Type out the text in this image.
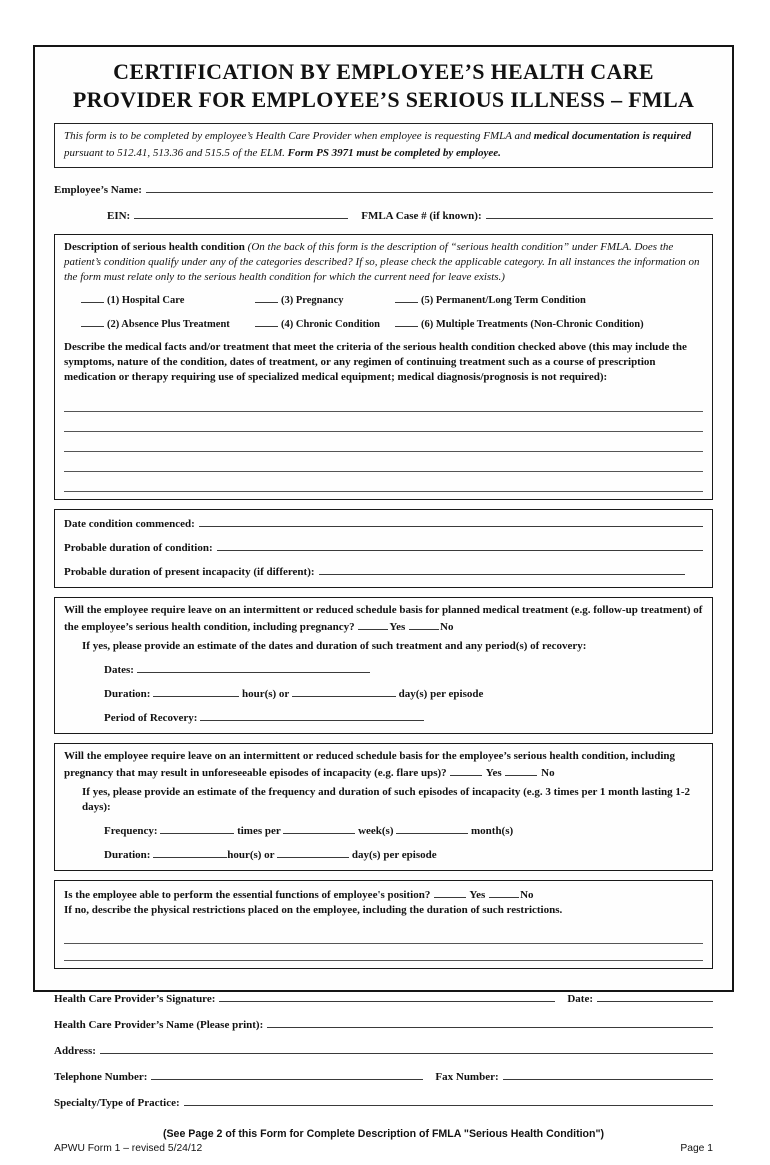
CERTIFICATION BY EMPLOYEE’S HEALTH CARE
PROVIDER FOR EMPLOYEE’S SERIOUS ILLNESS – FMLA
This form is to be completed by employee’s Health Care Provider when employee is requesting FMLA and medical documentation is required pursuant to 512.41, 513.36 and 515.5 of the ELM. Form PS 3971 must be completed by employee.
Employee’s Name:
EIN:	FMLA Case # (if known):
Description of serious health condition (On the back of this form is the description of “serious health condition” under FMLA. Does the patient’s condition qualify under any of the categories described? If so, please check the applicable category. In all instances the information on the form must relate only to the serious health condition for which the current need for leave exists.)
(1) Hospital Care	(3) Pregnancy	(5) Permanent/Long Term Condition
(2) Absence Plus Treatment	(4) Chronic Condition	(6) Multiple Treatments (Non-Chronic Condition)
Describe the medical facts and/or treatment that meet the criteria of the serious health condition checked above (this may include the symptoms, nature of the condition, dates of treatment, or any regimen of continuing treatment such as a course of prescription medication or therapy requiring use of specialized medical equipment; medical diagnosis/prognosis is not required):
Date condition commenced:
Probable duration of condition:
Probable duration of present incapacity (if different):
Will the employee require leave on an intermittent or reduced schedule basis for planned medical treatment (e.g. follow-up treatment) of the employee’s serious health condition, including pregnancy?	Yes	No
If yes, please provide an estimate of the dates and duration of such treatment and any period(s) of recovery:
Dates:
Duration:	hour(s) or	day(s) per episode
Period of Recovery:
Will the employee require leave on an intermittent or reduced schedule basis for the employee’s serious health condition, including pregnancy that may result in unforeseeable episodes of incapacity (e.g. flare ups)?	Yes	No
If yes, please provide an estimate of the frequency and duration of such episodes of incapacity (e.g. 3 times per 1 month lasting 1-2 days):
Frequency:	times per	week(s)	month(s)
Duration:	hour(s) or	day(s) per episode
Is the employee able to perform the essential functions of employee's position?	Yes	No
If no, describe the physical restrictions placed on the employee, including the duration of such restrictions.
Health Care Provider’s Signature:	Date:
Health Care Provider’s Name (Please print):
Address:
Telephone Number:	Fax Number:
Specialty/Type of Practice:
(See Page 2 of this Form for Complete Description of FMLA "Serious Health Condition")
APWU Form 1 – revised 5/24/12	Page 1
